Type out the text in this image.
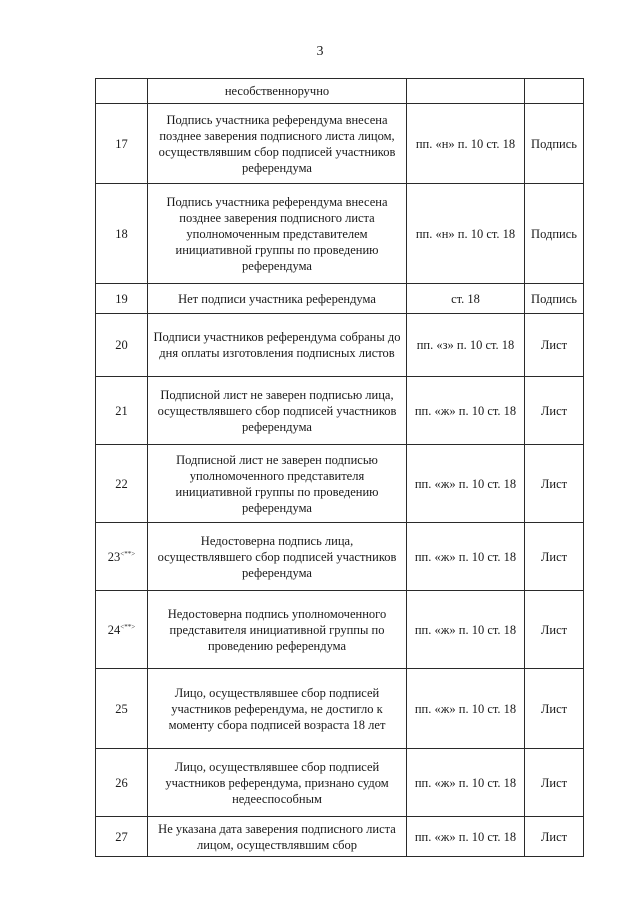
3
	несобственноручно		
17	Подпись участника референдума внесена позднее заверения подписного листа лицом, осуществлявшим сбор подписей участников референдума	пп. «н» п. 10 ст. 18	Подпись
18	Подпись участника референдума внесена позднее заверения подписного листа уполномоченным представителем инициативной группы по проведению референдума	пп. «н» п. 10 ст. 18	Подпись
19	Нет подписи участника референдума	ст. 18	Подпись
20	Подписи участников референдума собраны до дня оплаты изготовления подписных листов	пп. «з» п. 10 ст. 18	Лист
21	Подписной лист не заверен подписью лица, осуществлявшего сбор подписей участников референдума	пп. «ж» п. 10 ст. 18	Лист
22	Подписной лист не заверен подписью уполномоченного представителя инициативной группы по проведению референдума	пп. «ж» п. 10 ст. 18	Лист
23<**>	Недостоверна подпись лица, осуществлявшего сбор подписей участников референдума	пп. «ж» п. 10 ст. 18	Лист
24<**>	Недостоверна подпись уполномоченного представителя инициативной группы по проведению референдума	пп. «ж» п. 10 ст. 18	Лист
25	Лицо, осуществлявшее сбор подписей участников референдума, не достигло к моменту сбора подписей возраста 18 лет	пп. «ж» п. 10 ст. 18	Лист
26	Лицо, осуществлявшее сбор подписей участников референдума, признано судом недееспособным	пп. «ж» п. 10 ст. 18	Лист
27	Не указана дата заверения подписного листа лицом, осуществлявшим сбор	пп. «ж» п. 10 ст. 18	Лист
